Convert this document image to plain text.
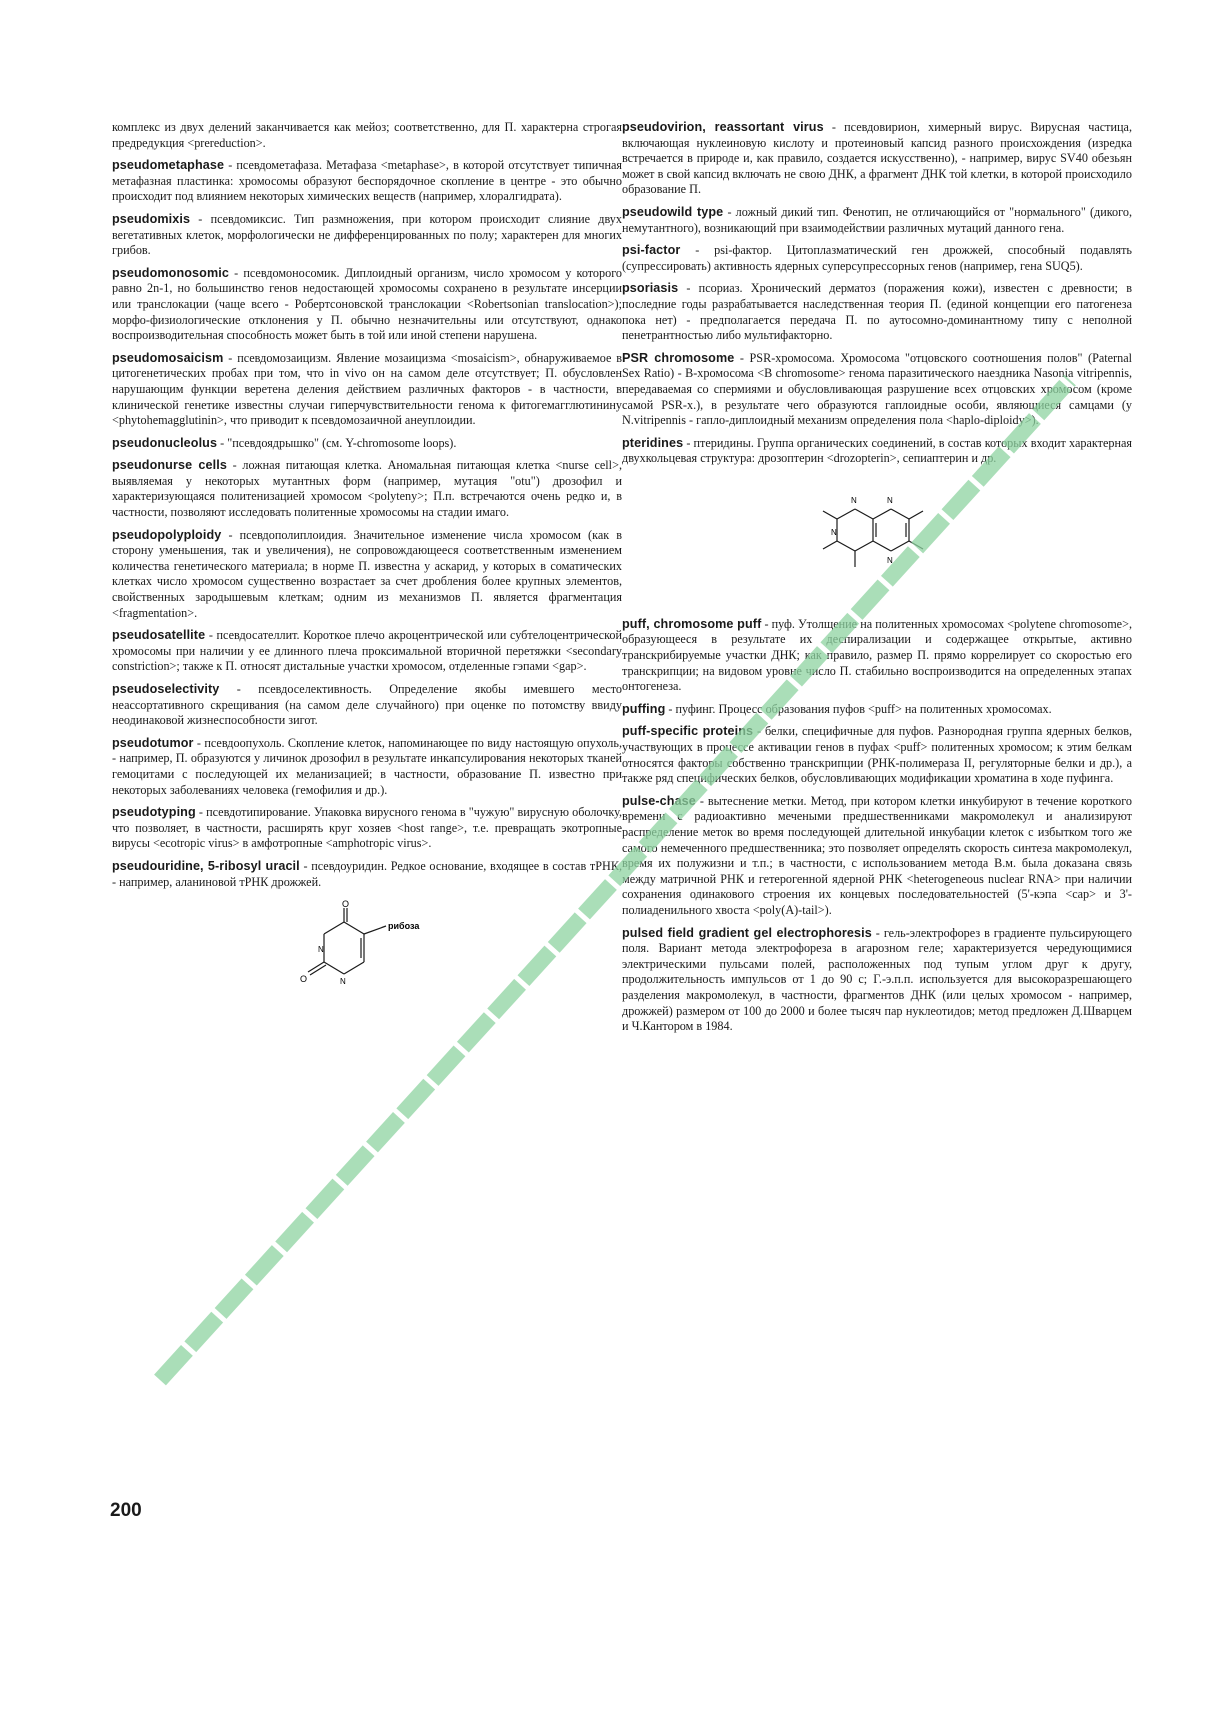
комплекс из двух делений заканчивается как мейоз; соответственно, для П. характерна строгая предредукция <prereduction>.

pseudometaphase - псевдометафаза. Метафаза <metaphase>, в которой отсутствует типичная метафазная пластинка: хромосомы образуют беспорядочное скопление в центре - это обычно происходит под влиянием некоторых химических веществ (например, хлоралгидрата).

pseudomixis - псевдомиксис. Тип размножения, при котором происходит слияние двух вегетативных клеток, морфологически не дифференцированных по полу; характерен для многих грибов.

pseudomonosomic - псевдомоносомик. Диплоидный организм, число хромосом у которого равно 2n-1, но большинство генов недостающей хромосомы сохранено в результате инсерции или транслокации (чаще всего - Робертсоновской транслокации <Robertsonian translocation>); морфо-физиологические отклонения у П. обычно незначительны или отсутствуют, однако воспроизводительная способность может быть в той или иной степени нарушена.

pseudomosaicism - псевдомозаицизм. Явление мозаицизма <mosaicism>, обнаруживаемое в цитогенетических пробах при том, что in vivo он на самом деле отсутствует; П. обусловлен нарушающим функции веретена деления действием различных факторов - в частности, в клинической генетике известны случаи гиперчувствительности генома к фитогемагглютинину <phytohemagglutinin>, что приводит к псевдомозаичной анеуплоидии.

pseudonucleolus - "псевдоядрышко" (см. Y-chromosome loops).

pseudonurse cells - ложная питающая клетка. Аномальная питающая клетка <nurse cell>, выявляемая у некоторых мутантных форм (например, мутация "otu") дрозофил и характеризующаяся политенизацией хромосом <polyteny>; П.п. встречаются очень редко и, в частности, позволяют исследовать политенные хромосомы на стадии имаго.

pseudopolyploidy - псевдополиплоидия. Значительное изменение числа хромосом (как в сторону уменьшения, так и увеличения), не сопровождающееся соответственным изменением количества генетического материала; в норме П. известна у аскарид, у которых в соматических клетках число хромосом существенно возрастает за счет дробления более крупных элементов, свойственных зародышевым клеткам; одним из механизмов П. является фрагментация <fragmentation>.

pseudosatellite - псевдосателлит. Короткое плечо акроцентрической или субтелоцентрической хромосомы при наличии у ее длинного плеча проксимальной вторичной перетяжки <secondary constriction>; также к П. относят дистальные участки хромосом, отделенные гэпами <gap>.

pseudoselectivity - псевдоселективность. Определение якобы имевшего место неассортативного скрещивания (на самом деле случайного) при оценке по потомству ввиду неодинаковой жизнеспособности зигот.

pseudotumor - псевдоопухоль. Скопление клеток, напоминающее по виду настоящую опухоль, - например, П. образуются у личинок дрозофил в результате инкапсулирования некоторых тканей гемоцитами с последующей их меланизацией; в частности, образование П. известно при некоторых заболеваниях человека (гемофилия и др.).

pseudotyping - псевдотипирование. Упаковка вирусного генома в "чужую" вирусную оболочку, что позволяет, в частности, расширять круг хозяев <host range>, т.е. превращать экотропные вирусы <ecotropic virus> в амфотропные <amphotropic virus>.

pseudouridine, 5-ribosyl uracil - псевдоуридин. Редкое основание, входящее в состав тРНК, - например, аланиновой тРНК дрожжей.

O
O
N
N
рибоза

pseudovirion, reassortant virus - псевдовирион, химерный вирус. Вирусная частица, включающая нуклеиновую кислоту и протеиновый капсид разного происхождения (изредка встречается в природе и, как правило, создается искусственно), - например, вирус SV40 обезьян может в свой капсид включать не свою ДНК, а фрагмент ДНК той клетки, в которой происходило образование П.

pseudowild type - ложный дикий тип. Фенотип, не отличающийся от "нормального" (дикого, немутантного), возникающий при взаимодействии различных мутаций данного гена.

psi-factor - psi-фактор. Цитоплазматический ген дрожжей, способный подавлять (супрессировать) активность ядерных суперсупрессорных генов (например, гена SUQ5).

psoriasis - псориаз. Хронический дерматоз (поражения кожи), известен с древности; в последние годы разрабатывается наследственная теория П. (единой концепции его патогенеза пока нет) - предполагается передача П. по аутосомно-доминантному типу с неполной пенетрантностью либо мультифакторно.

PSR chromosome - PSR-хромосома. Хромосома "отцовского соотношения полов" (Paternal Sex Ratio) - В-хромосома <B chromosome> генома паразитического наездника Nasonia vitripennis, передаваемая со спермиями и обусловливающая разрушение всех отцовских хромосом (кроме самой PSR-х.), в результате чего образуются гаплоидные особи, являющиеся самцами (у N.vitripennis - гапло-диплоидный механизм определения пола <haplo-diploidy>).

pteridines - птеридины. Группа органических соединений, в состав которых входит характерная двухкольцевая структура: дрозоптерин <drozopterin>, сепиаптерин и др.

N	N
N
N

puff, chromosome puff - пуф. Утолщение на политенных хромосомах <polytene chromosome>, образующееся в результате их деспирализации и содержащее открытые, активно транскрибируемые участки ДНК; как правило, размер П. прямо коррелирует со скоростью его транскрипции; на видовом уровне число П. стабильно воспроизводится на определенных этапах онтогенеза.

puffing - пуфинг. Процесс образования пуфов <puff> на политенных хромосомах.

puff-specific proteins - белки, специфичные для пуфов. Разнородная группа ядерных белков, участвующих в процессе активации генов в пуфах <puff> политенных хромосом; к этим белкам относятся факторы собственно транскрипции (РНК-полимераза II, регуляторные белки и др.), а также ряд специфических белков, обусловливающих модификации хроматина в ходе пуфинга.

pulse-chase - вытеснение метки. Метод, при котором клетки инкубируют в течение короткого времени с радиоактивно мечеными предшественниками макромолекул и анализируют распределение меток во время последующей длительной инкубации клеток с избытком того же самого немеченного предшественника; это позволяет определять скорость синтеза макромолекул, время их полужизни и т.п.; в частности, с использованием метода В.м. была доказана связь между матричной РНК и гетерогенной ядерной РНК <heterogeneous nuclear RNA> при наличии сохранения одинакового строения их концевых последовательностей (5'-кэпа <cap> и 3'-полиаденильного хвоста <poly(A)-tail>).

pulsed field gradient gel electrophoresis - гель-электрофорез в градиенте пульсирующего поля. Вариант метода электрофореза в агарозном геле; характеризуется чередующимися электрическими пульсами полей, расположенных под тупым углом друг к другу, продолжительность импульсов от 1 до 90 с; Г.-э.п.п. используется для высокоразрешающего разделения макромолекул, в частности, фрагментов ДНК (или целых хромосом - например, дрожжей) размером от 100 до 2000 и более тысяч пар нуклеотидов; метод предложен Д.Шварцем и Ч.Кантором в 1984.

200
